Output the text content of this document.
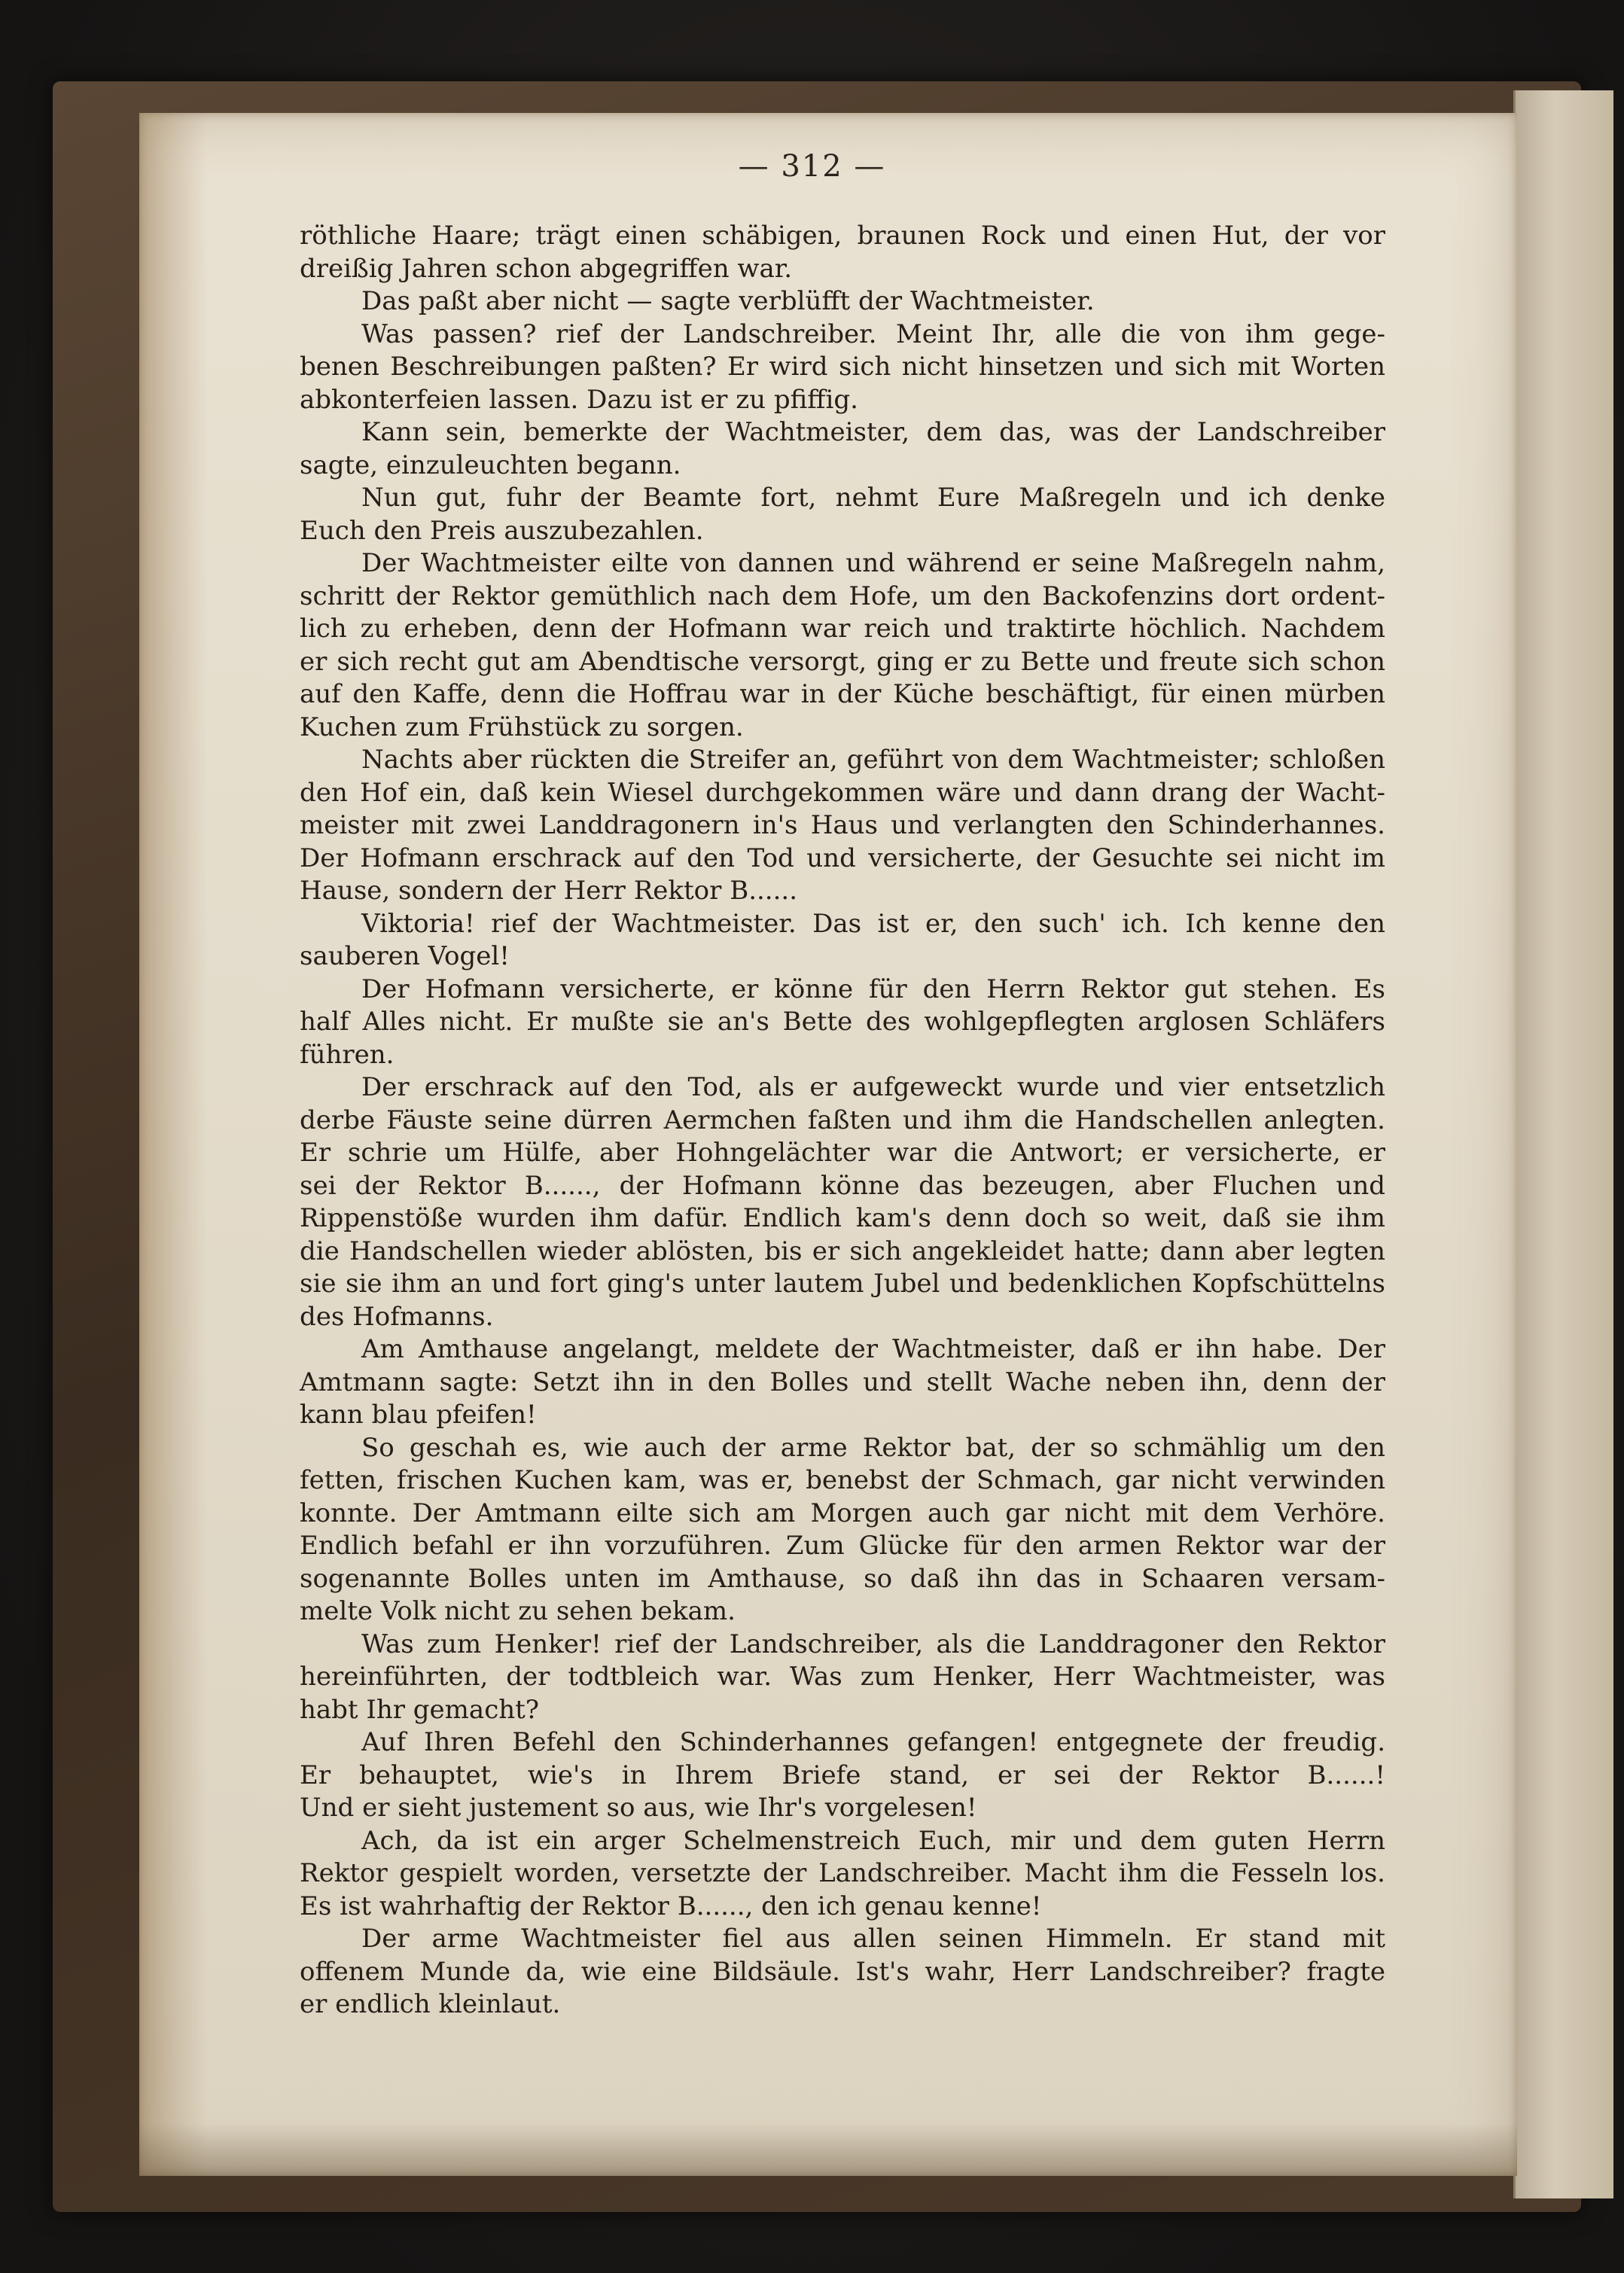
— 312 —
röthliche Haare; trägt einen schäbigen, braunen Rock und einen Hut, der vor
dreißig Jahren schon abgegriffen war.
Das paßt aber nicht — sagte verblüfft der Wachtmeister.
Was passen? rief der Landschreiber. Meint Ihr, alle die von ihm gege-
benen Beschreibungen paßten? Er wird sich nicht hinsetzen und sich mit Worten
abkonterfeien lassen. Dazu ist er zu pfiffig.
Kann sein, bemerkte der Wachtmeister, dem das, was der Landschreiber
sagte, einzuleuchten begann.
Nun gut, fuhr der Beamte fort, nehmt Eure Maßregeln und ich denke
Euch den Preis auszubezahlen.
Der Wachtmeister eilte von dannen und während er seine Maßregeln nahm,
schritt der Rektor gemüthlich nach dem Hofe, um den Backofenzins dort ordent-
lich zu erheben, denn der Hofmann war reich und traktirte höchlich. Nachdem
er sich recht gut am Abendtische versorgt, ging er zu Bette und freute sich schon
auf den Kaffe, denn die Hoffrau war in der Küche beschäftigt, für einen mürben
Kuchen zum Frühstück zu sorgen.
Nachts aber rückten die Streifer an, geführt von dem Wachtmeister; schloßen
den Hof ein, daß kein Wiesel durchgekommen wäre und dann drang der Wacht-
meister mit zwei Landdragonern in's Haus und verlangten den Schinderhannes.
Der Hofmann erschrack auf den Tod und versicherte, der Gesuchte sei nicht im
Hause, sondern der Herr Rektor B......
Viktoria! rief der Wachtmeister. Das ist er, den such' ich. Ich kenne den
sauberen Vogel!
Der Hofmann versicherte, er könne für den Herrn Rektor gut stehen. Es
half Alles nicht. Er mußte sie an's Bette des wohlgepflegten arglosen Schläfers
führen.
Der erschrack auf den Tod, als er aufgeweckt wurde und vier entsetzlich
derbe Fäuste seine dürren Aermchen faßten und ihm die Handschellen anlegten.
Er schrie um Hülfe, aber Hohngelächter war die Antwort; er versicherte, er
sei der Rektor B......, der Hofmann könne das bezeugen, aber Fluchen und
Rippenstöße wurden ihm dafür. Endlich kam's denn doch so weit, daß sie ihm
die Handschellen wieder ablösten, bis er sich angekleidet hatte; dann aber legten
sie sie ihm an und fort ging's unter lautem Jubel und bedenklichen Kopfschüttelns
des Hofmanns.
Am Amthause angelangt, meldete der Wachtmeister, daß er ihn habe. Der
Amtmann sagte: Setzt ihn in den Bolles und stellt Wache neben ihn, denn der
kann blau pfeifen!
So geschah es, wie auch der arme Rektor bat, der so schmählig um den
fetten, frischen Kuchen kam, was er, benebst der Schmach, gar nicht verwinden
konnte. Der Amtmann eilte sich am Morgen auch gar nicht mit dem Verhöre.
Endlich befahl er ihn vorzuführen. Zum Glücke für den armen Rektor war der
sogenannte Bolles unten im Amthause, so daß ihn das in Schaaren versam-
melte Volk nicht zu sehen bekam.
Was zum Henker! rief der Landschreiber, als die Landdragoner den Rektor
hereinführten, der todtbleich war. Was zum Henker, Herr Wachtmeister, was
habt Ihr gemacht?
Auf Ihren Befehl den Schinderhannes gefangen! entgegnete der freudig.
Er behauptet, wie's in Ihrem Briefe stand, er sei der Rektor B......!
Und er sieht justement so aus, wie Ihr's vorgelesen!
Ach, da ist ein arger Schelmenstreich Euch, mir und dem guten Herrn
Rektor gespielt worden, versetzte der Landschreiber. Macht ihm die Fesseln los.
Es ist wahrhaftig der Rektor B......, den ich genau kenne!
Der arme Wachtmeister fiel aus allen seinen Himmeln. Er stand mit
offenem Munde da, wie eine Bildsäule. Ist's wahr, Herr Landschreiber? fragte
er endlich kleinlaut.
